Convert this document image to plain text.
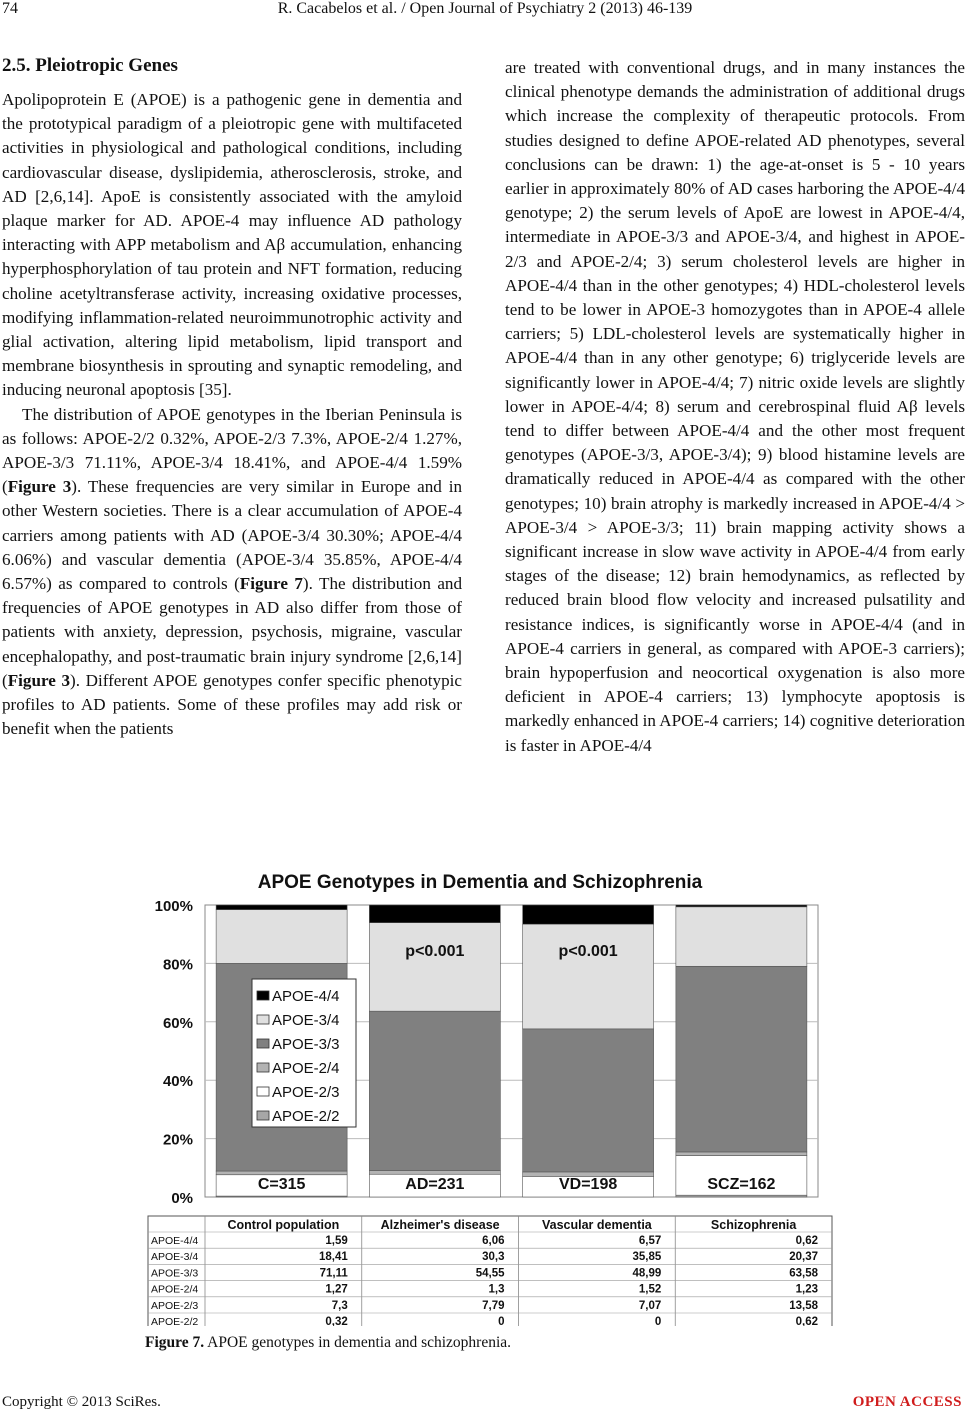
74	R. Cacabelos et al. / Open Journal of Psychiatry 2 (2013) 46-139
2.5. Pleiotropic Genes

Apolipoprotein E (APOE) is a pathogenic gene in dementia and the prototypical paradigm of a pleiotropic gene with multifaceted activities in physiological and pathological conditions, including cardiovascular disease, dyslipidemia, atherosclerosis, stroke, and AD [2,6,14]. ApoE is consistently associated with the amyloid plaque marker for AD. APOE-4 may influence AD pathology interacting with APP metabolism and Aβ accumulation, enhancing hyperphosphorylation of tau protein and NFT formation, reducing choline acetyltransferase activity, increasing oxidative processes, modifying inflammation-related neuroimmunotrophic activity and glial activation, altering lipid metabolism, lipid transport and membrane biosynthesis in sprouting and synaptic remodeling, and inducing neuronal apoptosis [35].

The distribution of APOE genotypes in the Iberian Peninsula is as follows: APOE-2/2 0.32%, APOE-2/3 7.3%, APOE-2/4 1.27%, APOE-3/3 71.11%, APOE-3/4 18.41%, and APOE-4/4 1.59% (Figure 3). These frequencies are very similar in Europe and in other Western societies. There is a clear accumulation of APOE-4 carriers among patients with AD (APOE-3/4 30.30%; APOE-4/4 6.06%) and vascular dementia (APOE-3/4 35.85%, APOE-4/4 6.57%) as compared to controls (Figure 7). The distribution and frequencies of APOE genotypes in AD also differ from those of patients with anxiety, depression, psychosis, migraine, vascular encephalopathy, and post-traumatic brain injury syndrome [2,6,14] (Figure 3). Different APOE genotypes confer specific phenotypic profiles to AD patients. Some of these profiles may add risk or benefit when the patients

are treated with conventional drugs, and in many instances the clinical phenotype demands the administration of additional drugs which increase the complexity of therapeutic protocols. From studies designed to define APOE-related AD phenotypes, several conclusions can be drawn: 1) the age-at-onset is 5 - 10 years earlier in approximately 80% of AD cases harboring the APOE-4/4 genotype; 2) the serum levels of ApoE are lowest in APOE-4/4, intermediate in APOE-3/3 and APOE-3/4, and highest in APOE-2/3 and APOE-2/4; 3) serum cholesterol levels are higher in APOE-4/4 than in the other genotypes; 4) HDL-cholesterol levels tend to be lower in APOE-3 homozygotes than in APOE-4 allele carriers; 5) LDL-cholesterol levels are systematically higher in APOE-4/4 than in any other genotype; 6) triglyceride levels are significantly lower in APOE-4/4; 7) nitric oxide levels are slightly lower in APOE-4/4; 8) serum and cerebrospinal fluid Aβ levels tend to differ between APOE-4/4 and the other most frequent genotypes (APOE-3/3, APOE-3/4); 9) blood histamine levels are dramatically reduced in APOE-4/4 as compared with the other genotypes; 10) brain atrophy is markedly increased in APOE-4/4 > APOE-3/4 > APOE-3/3; 11) brain mapping activity shows a significant increase in slow wave activity in APOE-4/4 from early stages of the disease; 12) brain hemodynamics, as reflected by reduced brain blood flow velocity and increased pulsatility and resistance indices, is significantly worse in APOE-4/4 (and in APOE-4 carriers in general, as compared with APOE-3 carriers); brain hypoperfusion and neocortical oxygenation is also more deficient in APOE-4 carriers; 13) lymphocyte apoptosis is markedly enhanced in APOE-4 carriers; 14) cognitive deterioration is faster in APOE-4/4

APOE Genotypes in Dementia and Schizophrenia
0%
20%
40%
60%
80%
100%
C=315	AD=231
p<0.001
VD=198
p<0.001
SCZ=162
APOE-4/4
APOE-3/4
APOE-3/3
APOE-2/4
APOE-2/3
APOE-2/2
Control population	Alzheimer's disease	Vascular dementia	Schizophrenia
APOE-4/4	1,59	6,06	6,57	0,62
APOE-3/4	18,41	30,3	35,85	20,37
APOE-3/3	71,11	54,55	48,99	63,58
APOE-2/4	1,27	1,3	1,52	1,23
APOE-2/3	7,3	7,79	7,07	13,58
APOE-2/2	0,32	0	0	0,62
Figure 7. APOE genotypes in dementia and schizophrenia.
Copyright © 2013 SciRes.	OPEN ACCESS
